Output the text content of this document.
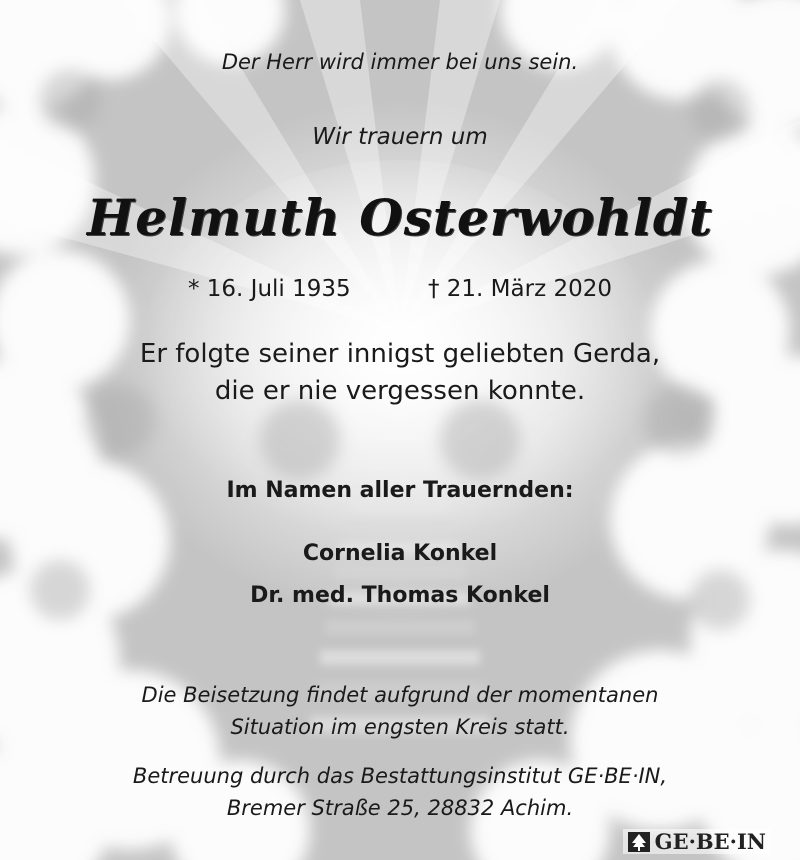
Der Herr wird immer bei uns sein.

Wir trauern um

Helmuth Osterwohldt

* 16. Juli 1935	† 21. März 2020

Er folgte seiner innigst geliebten Gerda,
die er nie vergessen konnte.

Im Namen aller Trauernden:

Cornelia Konkel
Dr. med. Thomas Konkel

Die Beisetzung findet aufgrund der momentanen
Situation im engsten Kreis statt.

Betreuung durch das Bestattungsinstitut GE·BE·IN,
Bremer Straße 25, 28832 Achim.

GE·BE·IN
